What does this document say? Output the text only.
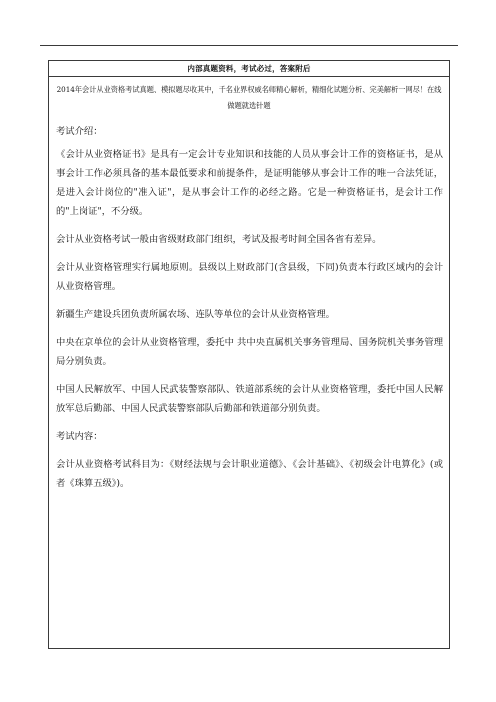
内部真题资料，考试必过，答案附后
2014年会计从业资格考试真题、模拟题尽收其中，千名业界权威名师精心解析，精细化试题分析、完美解析一网尽！在线做题就选针题
考试介绍：
《会计从业资格证书》是具有一定会计专业知识和技能的人员从事会计工作的资格证书，是从事会计工作必须具备的基本最低要求和前提条件，是证明能够从事会计工作的唯一合法凭证，是进入会计岗位的"准入证"，是从事会计工作的必经之路。它是一种资格证书，是会计工作的"上岗证"，不分级。
会计从业资格考试一般由省级财政部门组织，考试及报考时间全国各省有差异。
会计从业资格管理实行属地原则。县级以上财政部门(含县级，下同)负责本行政区域内的会计从业资格管理。
新疆生产建设兵团负责所属农场、连队等单位的会计从业资格管理。
中央在京单位的会计从业资格管理，委托中 共中央直属机关事务管理局、国务院机关事务管理局分别负责。
中国人民解放军、中国人民武装警察部队、铁道部系统的会计从业资格管理，委托中国人民解放军总后勤部、中国人民武装警察部队后勤部和铁道部分别负责。
考试内容：
会计从业资格考试科目为：《财经法规与会计职业道德》、《会计基础》、《初级会计电算化》(或者《珠算五级》)。
